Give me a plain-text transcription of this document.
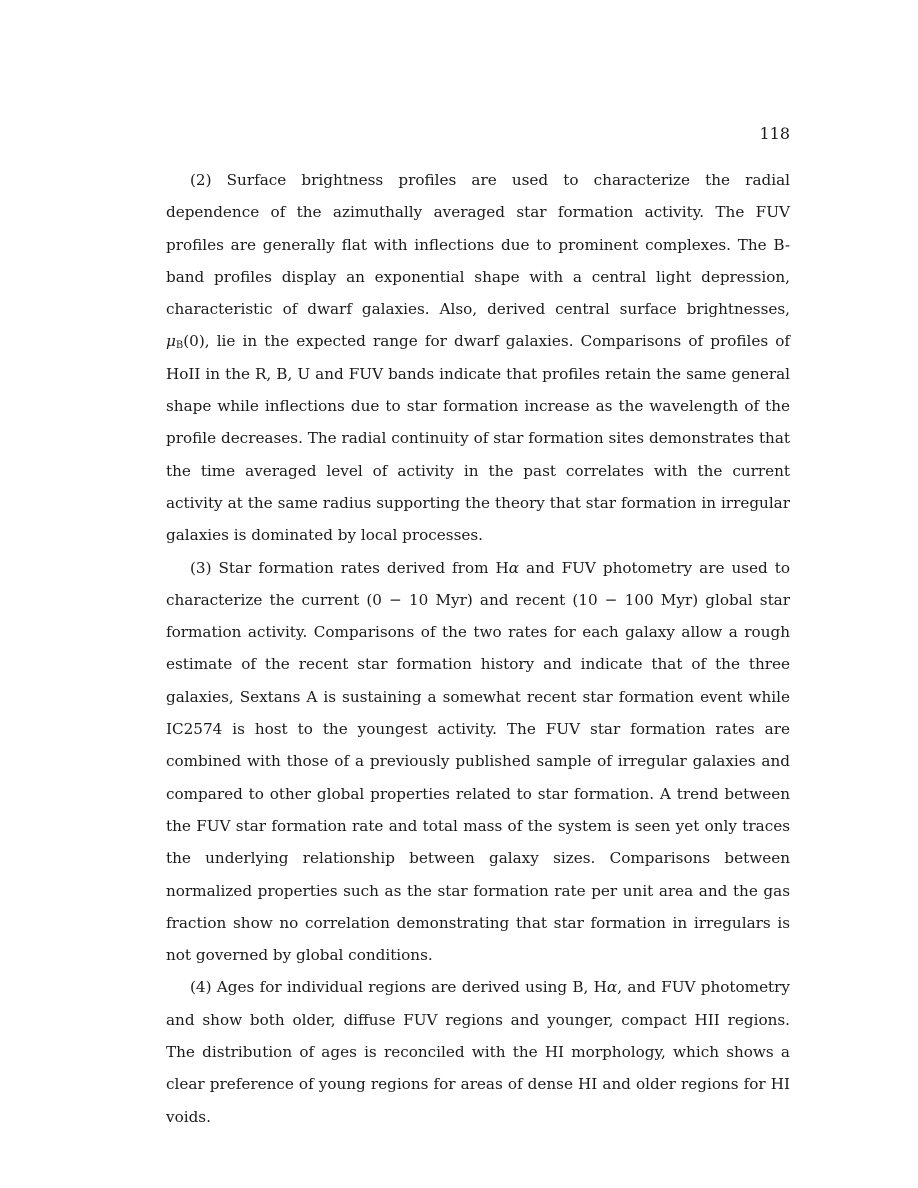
118

(2) Surface brightness profiles are used to characterize the radial dependence of the azimuthally averaged star formation activity. The FUV profiles are generally flat with inflections due to prominent complexes. The B-band profiles display an exponential shape with a central light depression, characteristic of dwarf galaxies. Also, derived central surface brightnesses, $\mu_B(0)$, lie in the expected range for dwarf galaxies. Comparisons of profiles of HoII in the R, B, U and FUV bands indicate that profiles retain the same general shape while inflections due to star formation increase as the wavelength of the profile decreases. The radial continuity of star formation sites demonstrates that the time averaged level of activity in the past correlates with the current activity at the same radius supporting the theory that star formation in irregular galaxies is dominated by local processes.

(3) Star formation rates derived from Hα and FUV photometry are used to characterize the current (0 − 10 Myr) and recent (10 − 100 Myr) global star formation activity. Comparisons of the two rates for each galaxy allow a rough estimate of the recent star formation history and indicate that of the three galaxies, Sextans A is sustaining a somewhat recent star formation event while IC2574 is host to the youngest activity. The FUV star formation rates are combined with those of a previously published sample of irregular galaxies and compared to other global properties related to star formation. A trend between the FUV star formation rate and total mass of the system is seen yet only traces the underlying relationship between galaxy sizes. Comparisons between normalized properties such as the star formation rate per unit area and the gas fraction show no correlation demonstrating that star formation in irregulars is not governed by global conditions.

(4) Ages for individual regions are derived using B, Hα, and FUV photometry and show both older, diffuse FUV regions and younger, compact HII regions. The distribution of ages is reconciled with the HI morphology, which shows a clear preference of young regions for areas of dense HI and older regions for HI voids.
